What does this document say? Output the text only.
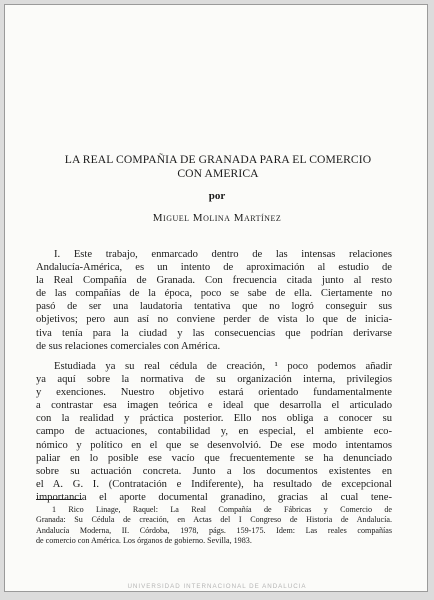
LA REAL COMPAÑIA DE GRANADA PARA EL COMERCIO
CON AMERICA
por
Miguel Molina Martínez
I. Este trabajo, enmarcado dentro de las intensas relaciones
Andalucía-América, es un intento de aproximación al estudio de
la Real Compañía de Granada. Con frecuencia citada junto al resto
de las compañías de la época, poco se sabe de ella. Ciertamente no
pasó de ser una laudatoria tentativa que no logró conseguir sus
objetivos; pero aun así no conviene perder de vista lo que de inicia-
tiva tenía para la ciudad y las consecuencias que podrían derivarse
de sus relaciones comerciales con América.
Estudiada ya su real cédula de creación, ¹ poco podemos añadir
ya aquí sobre la normativa de su organización interna, privilegios
y exenciones. Nuestro objetivo estará orientado fundamentalmente
a contrastar esa imagen teórica e ideal que desarrolla el articulado
con la realidad y práctica posterior. Ello nos obliga a conocer su
campo de actuaciones, contabilidad y, en especial, el ambiente eco-
nómico y político en el que se desenvolvió. De ese modo intentamos
paliar en lo posible ese vacío que frecuentemente se ha denunciado
sobre su actuación concreta. Junto a los documentos existentes en
el A. G. I. (Contratación e Indiferente), ha resultado de excepcional
importancia el aporte documental granadino, gracias al cual tene-
1 Rico Linage, Raquel: La Real Compañía de Fábricas y Comercio de
Granada: Su Cédula de creación, en Actas del I Congreso de Historia de Andalucía.
Andalucía Moderna, II. Córdoba, 1978, págs. 159-175. Idem: Las reales compañías
de comercio con América. Los órganos de gobierno. Sevilla, 1983.
UNIVERSIDAD INTERNACIONAL DE ANDALUCIA
